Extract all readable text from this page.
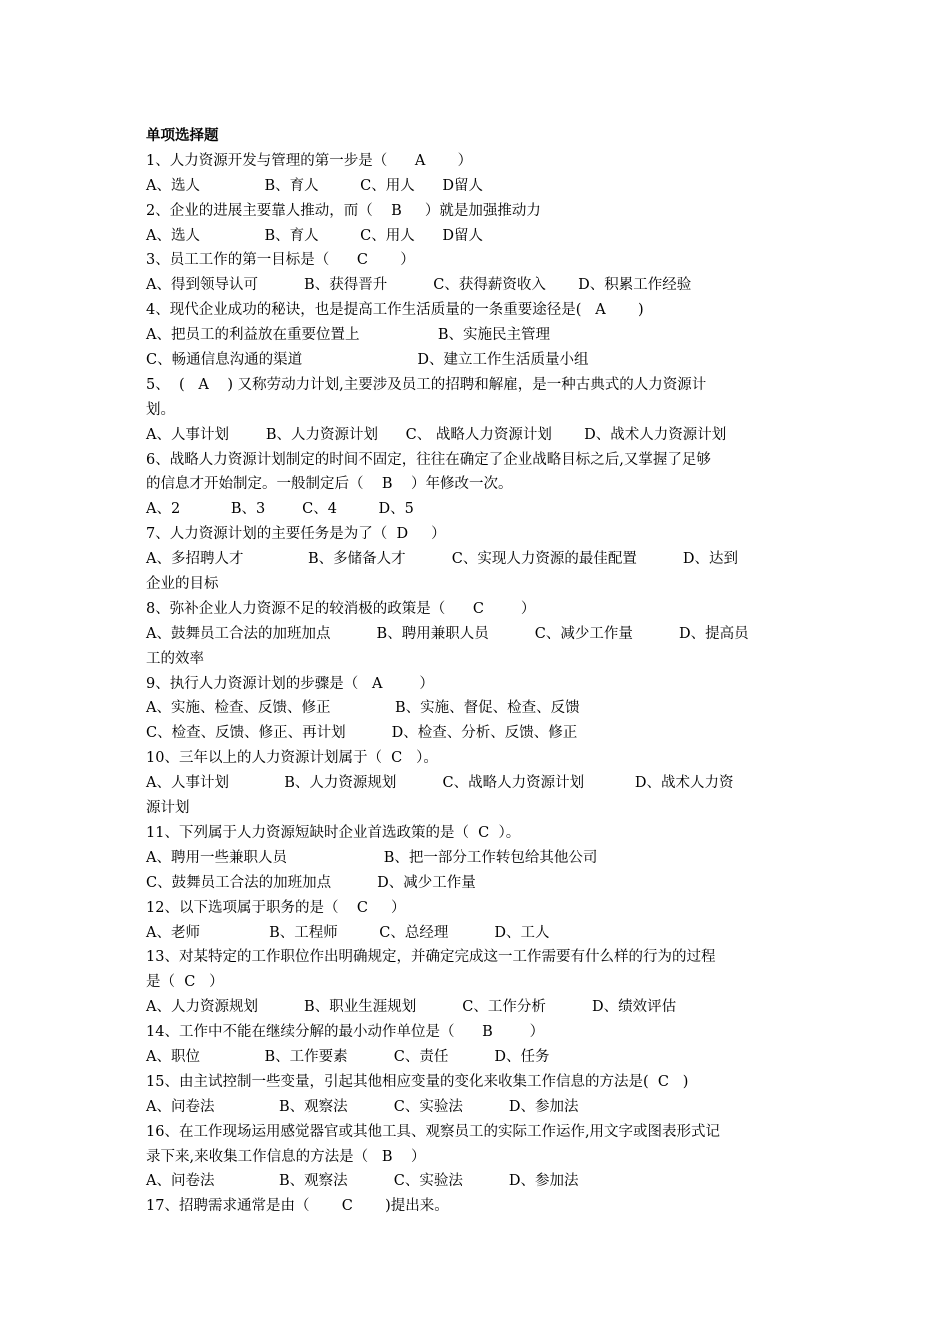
单项选择题
1、人力资源开发与管理的第一步是（      A       ）
A、选人              B、育人         C、用人      D留人
2、企业的进展主要靠人推动，而（    B     ）就是加强推动力
A、选人              B、育人         C、用人      D留人
3、员工工作的第一目标是（      C       ）
A、得到领导认可          B、获得晋升          C、获得薪资收入       D、积累工作经验
4、现代企业成功的秘诀，也是提高工作生活质量的一条重要途径是(   A       )
A、把员工的利益放在重要位置上                 B、实施民主管理
C、畅通信息沟通的渠道                         D、建立工作生活质量小组
5、  (   A    ) 又称劳动力计划,主要涉及员工的招聘和解雇，是一种古典式的人力资源计
划。
A、人事计划        B、人力资源计划      C、 战略人力资源计划       D、战术人力资源计划
6、战略人力资源计划制定的时间不固定，往往在确定了企业战略目标之后,又掌握了足够
的信息才开始制定。一般制定后（    B    ）年修改一次。
A、2           B、3        C、4         D、5
7、人力资源计划的主要任务是为了（  D     ）
A、多招聘人才              B、多储备人才          C、实现人力资源的最佳配置          D、达到
企业的目标
8、弥补企业人力资源不足的较消极的政策是（      C        ）
A、鼓舞员工合法的加班加点          B、聘用兼职人员          C、减少工作量          D、提高员
工的效率
9、执行人力资源计划的步骤是（   A        ）
A、实施、检查、反馈、修正              B、实施、督促、检查、反馈
C、检查、反馈、修正、再计划          D、检查、分析、反馈、修正
10、三年以上的人力资源计划属于（  C   ）。
A、人事计划            B、人力资源规划          C、战略人力资源计划           D、战术人力资
源计划
11、下列属于人力资源短缺时企业首选政策的是（  C  ）。
A、聘用一些兼职人员                     B、把一部分工作转包给其他公司
C、鼓舞员工合法的加班加点          D、减少工作量
12、以下选项属于职务的是（    C     ）
A、老师               B、工程师         C、总经理          D、工人
13、对某特定的工作职位作出明确规定，并确定完成这一工作需要有什么样的行为的过程
是（  C   ）
A、人力资源规划          B、职业生涯规划          C、工作分析          D、绩效评估
14、工作中不能在继续分解的最小动作单位是（      B        ）
A、职位              B、工作要素          C、责任          D、任务
15、由主试控制一些变量，引起其他相应变量的变化来收集工作信息的方法是(  C   )
A、问卷法              B、观察法          C、实验法          D、参加法
16、在工作现场运用感觉器官或其他工具、观察员工的实际工作运作,用文字或图表形式记
录下来,来收集工作信息的方法是（   B    ）
A、问卷法              B、观察法          C、实验法          D、参加法
17、招聘需求通常是由（       C       )提出来。
